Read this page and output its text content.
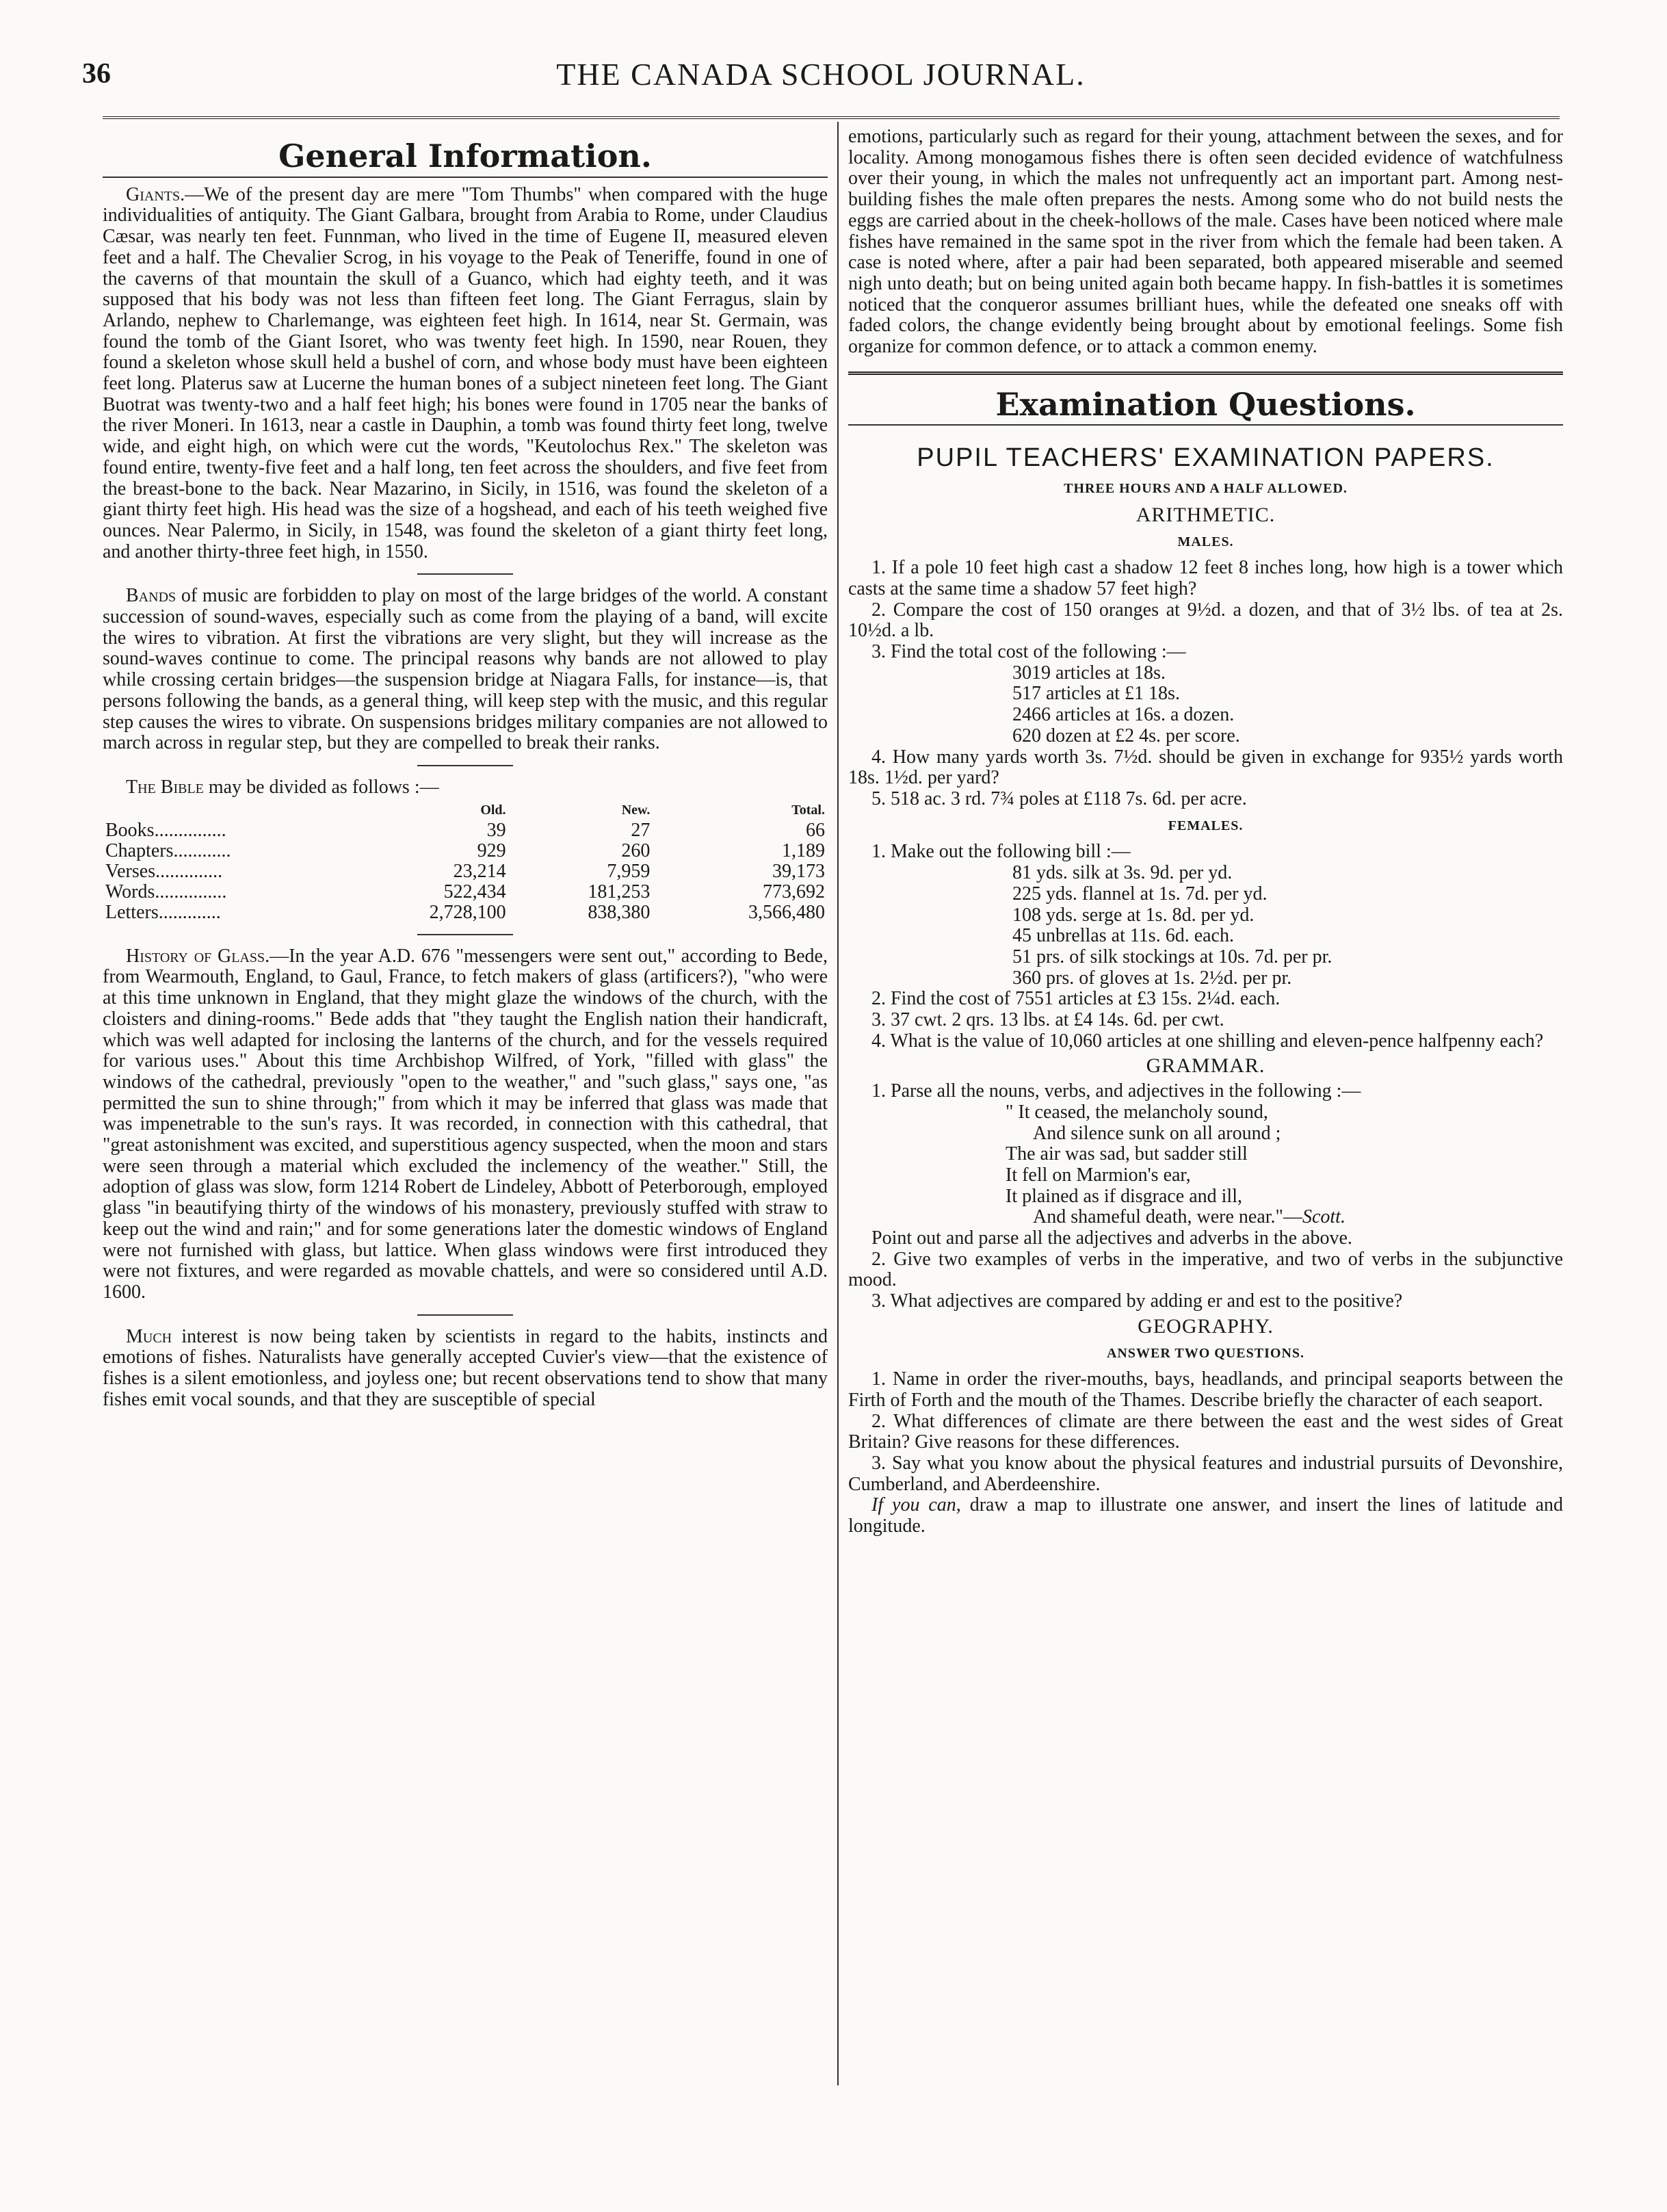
36	THE CANADA SCHOOL JOURNAL.
General Information.

Giants.—We of the present day are mere "Tom Thumbs" when compared with the huge individualities of antiquity. The Giant Galbara, brought from Arabia to Rome, under Claudius Cæsar, was nearly ten feet. Funnman, who lived in the time of Eugene II, measured eleven feet and a half. The Chevalier Scrog, in his voyage to the Peak of Teneriffe, found in one of the caverns of that mountain the skull of a Guanco, which had eighty teeth, and it was supposed that his body was not less than fifteen feet long. The Giant Ferragus, slain by Arlando, nephew to Charlemange, was eighteen feet high. In 1614, near St. Germain, was found the tomb of the Giant Isoret, who was twenty feet high. In 1590, near Rouen, they found a skeleton whose skull held a bushel of corn, and whose body must have been eighteen feet long. Platerus saw at Lucerne the human bones of a subject nineteen feet long. The Giant Buotrat was twenty-two and a half feet high; his bones were found in 1705 near the banks of the river Moneri. In 1613, near a castle in Dauphin, a tomb was found thirty feet long, twelve wide, and eight high, on which were cut the words, "Keutolochus Rex." The skeleton was found entire, twenty-five feet and a half long, ten feet across the shoulders, and five feet from the breast-bone to the back. Near Mazarino, in Sicily, in 1516, was found the skeleton of a giant thirty feet high. His head was the size of a hogshead, and each of his teeth weighed five ounces. Near Palermo, in Sicily, in 1548, was found the skeleton of a giant thirty feet long, and another thirty-three feet high, in 1550.

Bands of music are forbidden to play on most of the large bridges of the world. A constant succession of sound-waves, especially such as come from the playing of a band, will excite the wires to vibration. At first the vibrations are very slight, but they will increase as the sound-waves continue to come. The principal reasons why bands are not allowed to play while crossing certain bridges—the suspension bridge at Niagara Falls, for instance—is, that persons following the bands, as a general thing, will keep step with the music, and this regular step causes the wires to vibrate. On suspensions bridges military companies are not allowed to march across in regular step, but they are compelled to break their ranks.

The Bible may be divided as follows :—

	Old.	New.	Total.
Books...............	39	27	66
Chapters............	929	260	1,189
Verses..............	23,214	7,959	39,173
Words...............	522,434	181,253	773,692
Letters.............	2,728,100	838,380	3,566,480

History of Glass.—In the year A.D. 676 "messengers were sent out," according to Bede, from Wearmouth, England, to Gaul, France, to fetch makers of glass (artificers?), "who were at this time unknown in England, that they might glaze the windows of the church, with the cloisters and dining-rooms." Bede adds that "they taught the English nation their handicraft, which was well adapted for inclosing the lanterns of the church, and for the vessels required for various uses." About this time Archbishop Wilfred, of York, "filled with glass" the windows of the cathedral, previously "open to the weather," and "such glass," says one, "as permitted the sun to shine through;" from which it may be inferred that glass was made that was impenetrable to the sun's rays. It was recorded, in connection with this cathedral, that "great astonishment was excited, and superstitious agency suspected, when the moon and stars were seen through a material which excluded the inclemency of the weather." Still, the adoption of glass was slow, form 1214 Robert de Lindeley, Abbott of Peterborough, employed glass "in beautifying thirty of the windows of his monastery, previously stuffed with straw to keep out the wind and rain;" and for some generations later the domestic windows of England were not furnished with glass, but lattice. When glass windows were first introduced they were not fixtures, and were regarded as movable chattels, and were so considered until A.D. 1600.

Much interest is now being taken by scientists in regard to the habits, instincts and emotions of fishes. Naturalists have generally accepted Cuvier's view—that the existence of fishes is a silent emotionless, and joyless one; but recent observations tend to show that many fishes emit vocal sounds, and that they are susceptible of special

emotions, particularly such as regard for their young, attachment between the sexes, and for locality. Among monogamous fishes there is often seen decided evidence of watchfulness over their young, in which the males not unfrequently act an important part. Among nest-building fishes the male often prepares the nests. Among some who do not build nests the eggs are carried about in the cheek-hollows of the male. Cases have been noticed where male fishes have remained in the same spot in the river from which the female had been taken. A case is noted where, after a pair had been separated, both appeared miserable and seemed nigh unto death; but on being united again both became happy. In fish-battles it is sometimes noticed that the conqueror assumes brilliant hues, while the defeated one sneaks off with faded colors, the change evidently being brought about by emotional feelings. Some fish organize for common defence, or to attack a common enemy.

Examination Questions.
PUPIL TEACHERS' EXAMINATION PAPERS.
THREE HOURS AND A HALF ALLOWED.
ARITHMETIC.
MALES.

1. If a pole 10 feet high cast a shadow 12 feet 8 inches long, how high is a tower which casts at the same time a shadow 57 feet high?

2. Compare the cost of 150 oranges at 9½d. a dozen, and that of 3½ lbs. of tea at 2s. 10½d. a lb.

3. Find the total cost of the following :—

3019 articles at 18s.

517 articles at £1 18s.

2466 articles at 16s. a dozen.

620 dozen at £2 4s. per score.

4. How many yards worth 3s. 7½d. should be given in exchange for 935½ yards worth 18s. 1½d. per yard?

5. 518 ac. 3 rd. 7¾ poles at £118 7s. 6d. per acre.

FEMALES.

1. Make out the following bill :—

81 yds. silk at 3s. 9d. per yd.

225 yds. flannel at 1s. 7d. per yd.

108 yds. serge at 1s. 8d. per yd.

45 unbrellas at 11s. 6d. each.

51 prs. of silk stockings at 10s. 7d. per pr.

360 prs. of gloves at 1s. 2½d. per pr.

2. Find the cost of 7551 articles at £3 15s. 2¼d. each.

3. 37 cwt. 2 qrs. 13 lbs. at £4 14s. 6d. per cwt.

4. What is the value of 10,060 articles at one shilling and eleven-pence halfpenny each?

GRAMMAR.

1. Parse all the nouns, verbs, and adjectives in the following :—

" It ceased, the melancholy sound,

And silence sunk on all around ;

The air was sad, but sadder still

It fell on Marmion's ear,

It plained as if disgrace and ill,

And shameful death, were near."—Scott.

Point out and parse all the adjectives and adverbs in the above.

2. Give two examples of verbs in the imperative, and two of verbs in the subjunctive mood.

3. What adjectives are compared by adding er and est to the positive?

GEOGRAPHY.
ANSWER TWO QUESTIONS.

1. Name in order the river-mouths, bays, headlands, and principal seaports between the Firth of Forth and the mouth of the Thames. Describe briefly the character of each seaport.

2. What differences of climate are there between the east and the west sides of Great Britain? Give reasons for these differences.

3. Say what you know about the physical features and industrial pursuits of Devonshire, Cumberland, and Aberdeenshire.

If you can, draw a map to illustrate one answer, and insert the lines of latitude and longitude.
